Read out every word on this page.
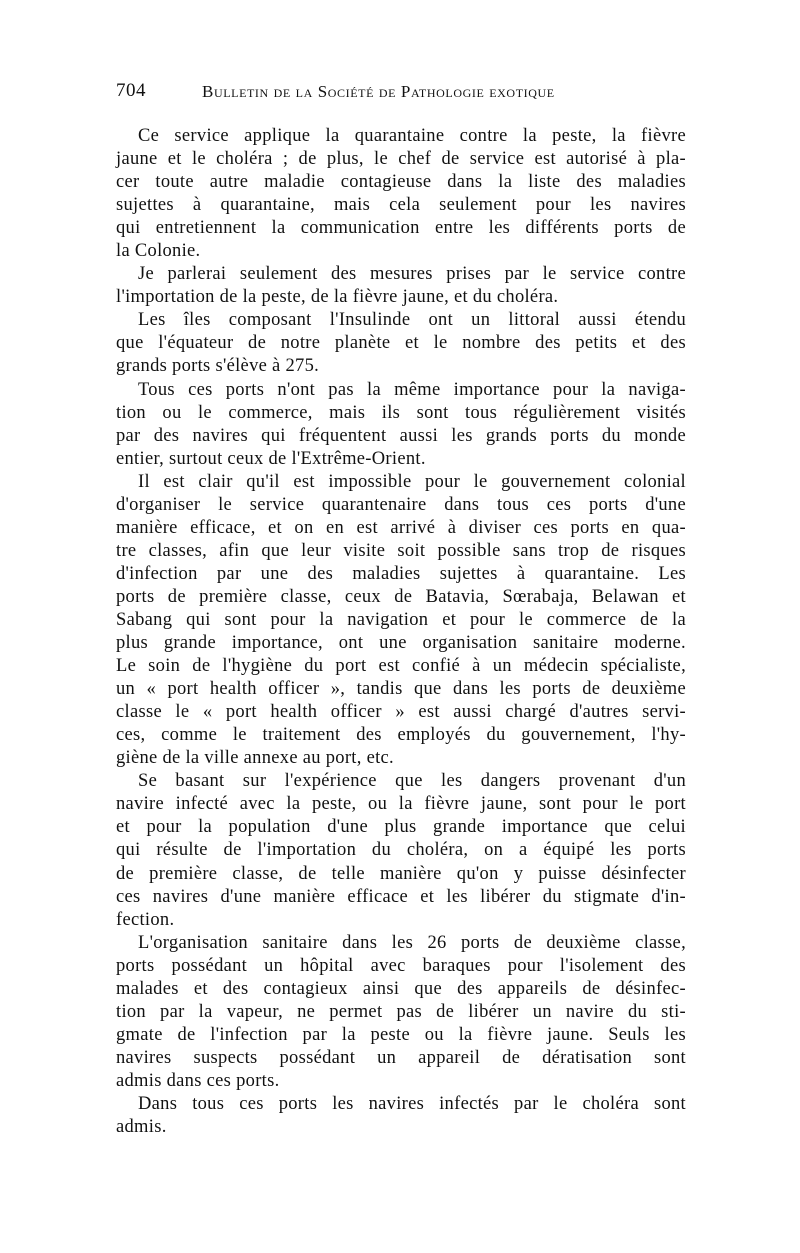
704	Bulletin de la Société de Pathologie exotique
Ce service applique la quarantaine contre la peste, la fièvre
jaune et le choléra ; de plus, le chef de service est autorisé à pla-
cer toute autre maladie contagieuse dans la liste des maladies
sujettes à quarantaine, mais cela seulement pour les navires
qui entretiennent la communication entre les différents ports de
la Colonie.
Je parlerai seulement des mesures prises par le service contre
l'importation de la peste, de la fièvre jaune, et du choléra.
Les îles composant l'Insulinde ont un littoral aussi étendu
que l'équateur de notre planète et le nombre des petits et des
grands ports s'élève à 275.
Tous ces ports n'ont pas la même importance pour la naviga-
tion ou le commerce, mais ils sont tous régulièrement visités
par des navires qui fréquentent aussi les grands ports du monde
entier, surtout ceux de l'Extrême-Orient.
Il est clair qu'il est impossible pour le gouvernement colonial
d'organiser le service quarantenaire dans tous ces ports d'une
manière efficace, et on en est arrivé à diviser ces ports en qua-
tre classes, afin que leur visite soit possible sans trop de risques
d'infection par une des maladies sujettes à quarantaine. Les
ports de première classe, ceux de Batavia, Sœrabaja, Belawan et
Sabang qui sont pour la navigation et pour le commerce de la
plus grande importance, ont une organisation sanitaire moderne.
Le soin de l'hygiène du port est confié à un médecin spécialiste,
un « port health officer », tandis que dans les ports de deuxième
classe le « port health officer » est aussi chargé d'autres servi-
ces, comme le traitement des employés du gouvernement, l'hy-
giène de la ville annexe au port, etc.
Se basant sur l'expérience que les dangers provenant d'un
navire infecté avec la peste, ou la fièvre jaune, sont pour le port
et pour la population d'une plus grande importance que celui
qui résulte de l'importation du choléra, on a équipé les ports
de première classe, de telle manière qu'on y puisse désinfecter
ces navires d'une manière efficace et les libérer du stigmate d'in-
fection.
L'organisation sanitaire dans les 26 ports de deuxième classe,
ports possédant un hôpital avec baraques pour l'isolement des
malades et des contagieux ainsi que des appareils de désinfec-
tion par la vapeur, ne permet pas de libérer un navire du sti-
gmate de l'infection par la peste ou la fièvre jaune. Seuls les
navires suspects possédant un appareil de dératisation sont
admis dans ces ports.
Dans tous ces ports les navires infectés par le choléra sont
admis.
